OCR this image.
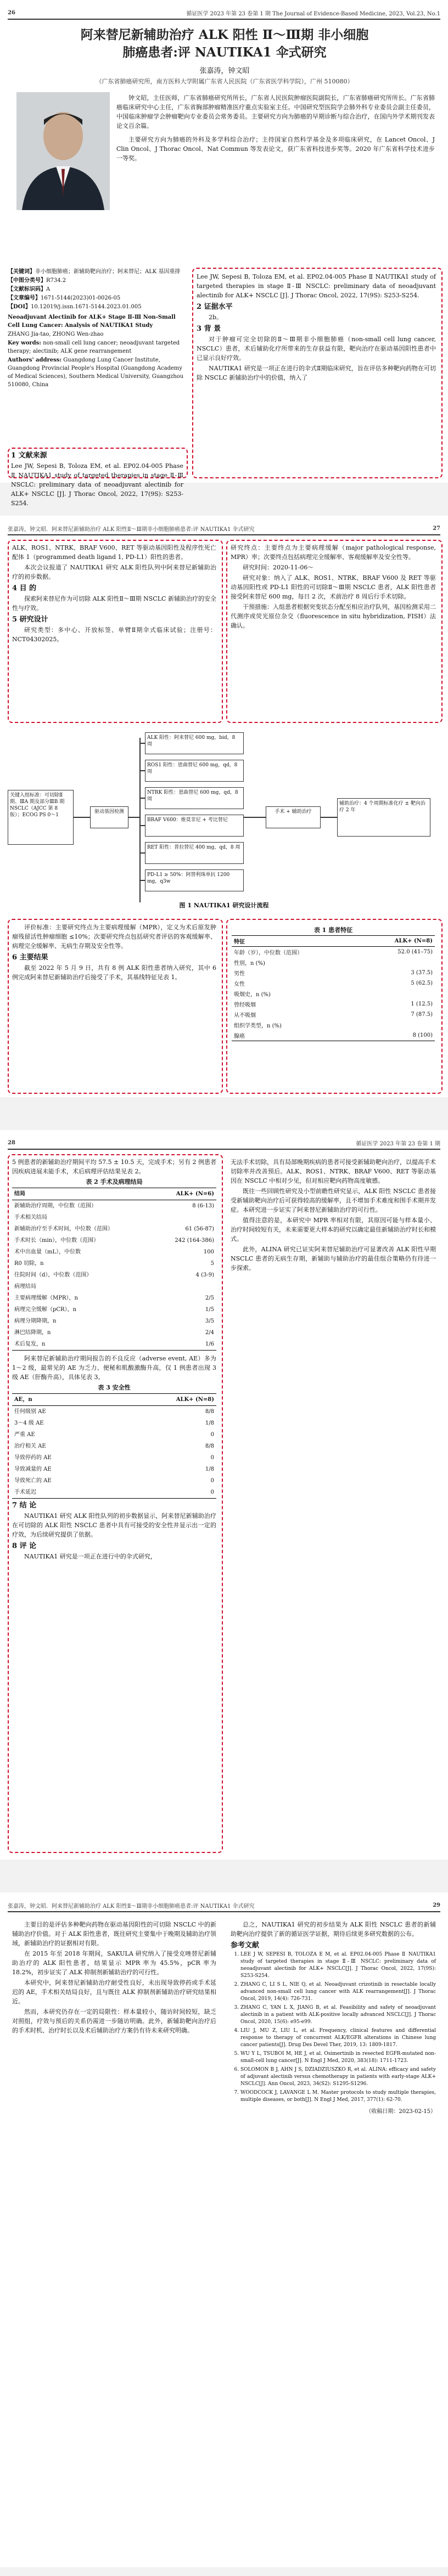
26	循证医学 2023 年第 23 卷第 1 期 The Journal of Evidence-Based Medicine, 2023, Vol.23, No.1
阿来替尼新辅助治疗 ALK 阳性 Ⅱ～Ⅲ期 非小细胞
肺癌患者:评 NAUTIKA1 伞式研究
张嘉涛，钟文昭
（广东省肺癌研究所，南方医科大学附属广东省人民医院（广东省医学科学院），广州 510080）

钟文昭，主任医师，广东省肺癌研究所所长，广东省人民医院肿瘤医院副院长，广东省肺癌研究所所长。广东省肺癌临床研究中心主任，广东省胸部肿瘤精准医疗重点实验室主任。中国研究型医院学会肺外科专业委员会副主任委员，中国临床肿瘤学会肿瘤靶向专业委员会常务委员。主要研究方向为肺癌的早期诊断与综合治疗，在国内外学术期刊发表论文百余篇。

主要研究方向为肺癌的外科及多学科综合治疗；主持国家自然科学基金及多项临床研究，在 Lancet Oncol、J Clin Oncol、J Thorac Oncol、Nat Commun 等发表论文，获广东省科技进步奖等。2020 年广东省科学技术进步一等奖。

【关键词】非小细胞肺癌；新辅助靶向治疗；阿来替尼；ALK 基因重排
【中图分类号】R734.2
【文献标识码】A
【文章编号】1671-5144(2023)01-0026-05
【DOI】10.12019/j.issn.1671-5144.2023.01.005
Neoadjuvant Alectinib for ALK+ Stage Ⅱ-Ⅲ Non-Small Cell Lung Cancer: Analysis of NAUTIKA1 Study
ZHANG Jia-tao, ZHONG Wen-zhao
Key words: non-small cell lung cancer; neoadjuvant targeted therapy; alectinib; ALK gene rearrangement
Authors' address: Guangdong Lung Cancer Institute, Guangdong Provincial People's Hospital (Guangdong Academy of Medical Sciences), Southern Medical University, Guangzhou 510080, China
1 文献来源

Lee JW, Sepesi B, Toloza EM, et al. EP02.04-005 Phase Ⅱ NAUTIKA1 study of targeted therapies in stage Ⅱ-Ⅲ NSCLC: preliminary data of neoadjuvant alectinib for ALK+ NSCLC [J]. J Thorac Oncol, 2022, 17(9S): S253-S254.

Lee JW, Sepesi B, Toloza EM, et al. EP02.04-005 Phase Ⅱ NAUTIKA1 study of targeted therapies in stage Ⅱ-Ⅲ NSCLC: preliminary data of neoadjuvant alectinib for ALK+ NSCLC [J]. J Thorac Oncol, 2022, 17(9S): S253-S254.

2 证据水平

2b。

3 背 景

对于肿瘤可完全切除的Ⅱ～Ⅲ期非小细胞肺癌（non-small cell lung cancer, NSCLC）患者，术后辅助化疗所带来的生存获益有限，靶向治疗在驱动基因阳性患者中已显示良好疗效。

NAUTIKA1 研究是一项正在进行的伞式Ⅱ期临床研究，旨在评估多种靶向药物在可切除 NSCLC 新辅助治疗中的价值，纳入了

张嘉涛，钟文昭．阿来替尼新辅助治疗 ALK 阳性Ⅱ～Ⅲ期非小细胞肺癌患者:评 NAUTIKA1 伞式研究	27

ALK、ROS1、NTRK、BRAF V600、RET 等驱动基因阳性及程序性死亡配体 1（programmed death ligand 1, PD-L1）阳性的患者。

本次会议报道了 NAUTIKA1 研究 ALK 阳性队列中阿来替尼新辅助治疗的初步数据。

4 目 的

探索阿来替尼作为可切除 ALK 阳性Ⅱ～Ⅲ期 NSCLC 新辅助治疗的安全性与疗效。

5 研究设计

研究类型：多中心、开放标签、单臂Ⅱ期伞式临床试验；注册号：NCT04302025。

研究终点：主要终点为主要病理缓解（major pathological response, MPR）率；次要终点包括病理完全缓解率、客观缓解率及安全性等。

研究时间：2020-11-06～

研究对象：纳入了 ALK、ROS1、NTRK、BRAF V600 及 RET 等驱动基因阳性或 PD-L1 阳性的可切除Ⅱ～Ⅲ期 NSCLC 患者，ALK 阳性患者接受阿来替尼 600 mg，每日 2 次，术前治疗 8 周后行手术切除。

干预措施：入组患者根据突变状态分配至相应治疗队列，基因检测采用二代测序或荧光原位杂交（fluorescence in situ hybridization, FISH）法确认。

关键入组标准：可切除Ⅱ期、ⅢA 期及部分ⅢB 期 NSCLC（AJCC 第 8 版）；ECOG PS 0～1
驱动基因检测
ALK 阳性：阿来替尼 600 mg，bid，8 周
ROS1 阳性：恩曲替尼 600 mg，qd，8 周
NTRK 阳性：恩曲替尼 600 mg，qd，8 周
BRAF V600：维莫非尼 + 考比替尼
RET 阳性：普拉替尼 400 mg，qd，8 周
PD-L1 ≥ 50%：阿替利珠单抗 1200 mg，q3w
手术 + 辅助治疗
辅助治疗：4 个周期标准化疗 ± 靶向治疗 2 年
图 1 NAUTIKA1 研究设计流程

评价标准：主要研究终点为主要病理缓解（MPR），定义为术后原发肿瘤残留活性肿瘤细胞 ≤10%；次要研究终点包括研究者评估的客观缓解率、病理完全缓解率、无病生存期及安全性等。

6 主要结果

截至 2022 年 5 月 9 日，共有 8 例 ALK 阳性患者纳入研究，其中 6 例完成阿来替尼新辅助治疗后接受了手术，其基线特征见表 1。

表 1 患者特征
特征	ALK+ (N=8)
年龄（岁），中位数（范围）	52.0 (41–75)
性别，n (%)	
男性	3 (37.5)
女性	5 (62.5)
吸烟史，n (%)	
曾经吸烟	1 (12.5)
从不吸烟	7 (87.5)
组织学类型，n (%)	
腺癌	8 (100)
28	循证医学 2023 年第 23 卷第 1 期

5 例患者的新辅助治疗期间平均 57.5 ± 10.5 天，完成手术；另有 2 例患者因疾病进展未能手术，术后病理评估结果见表 2。

表 2 手术及病理结局
结局	ALK+ (N=6)
新辅助治疗周期，中位数（范围）	8 (6-13)
手术相关结局	
新辅助治疗至手术时间，中位数（范围）	61 (56-87)
手术时长（min），中位数（范围）	242 (164-386)
术中出血量（mL），中位数	100
R0 切除，n	5
住院时间（d），中位数（范围）	4 (3-9)
病理结局	
主要病理缓解（MPR），n	2/5
病理完全缓解（pCR），n	1/5
病理分期降期，n	3/5
淋巴结降期，n	2/4
术后复发，n	1/6

阿来替尼新辅助治疗期间报告的不良反应（adverse event, AE）多为 1～2 级，最常见的 AE 为乏力、便秘和肌酸激酶升高，仅 1 例患者出现 3 级 AE（肝酶升高），具体见表 3。

表 3 安全性
AE，n	ALK+ (N=8)
任何级别 AE	8/8
3～4 级 AE	1/8
严重 AE	0
治疗相关 AE	8/8
导致停药的 AE	0
导致减量的 AE	1/8
导致死亡的 AE	0
手术延迟	0
7 结 论

NAUTIKA1 研究 ALK 阳性队列的初步数据显示，阿来替尼新辅助治疗在可切除的 ALK 阳性 NSCLC 患者中具有可接受的安全性并显示出一定的疗效，为后续研究提供了依据。

8 评 论

NAUTIKA1 研究是一项正在进行中的伞式研究，

无法手术切除，具有局部晚期疾病的患者可接受新辅助靶向治疗，以提高手术切除率并改善预后。ALK、ROS1、NTRK、BRAF V600、RET 等驱动基因在 NSCLC 中相对少见，但对相应靶向药物高度敏感。

既往一些回顾性研究及小型前瞻性研究显示，ALK 阳性 NSCLC 患者接受新辅助靶向治疗后可获得较高的缓解率，且不增加手术难度和围手术期并发症。本研究进一步证实了阿来替尼新辅助治疗的可行性。

值得注意的是，本研究中 MPR 率相对有限，其原因可能与样本量小、治疗时间较短有关，未来需要更大样本的研究以确定最佳新辅助治疗时长和模式。

此外，ALINA 研究已证实阿来替尼辅助治疗可显著改善 ALK 阳性早期 NSCLC 患者的无病生存期，新辅助与辅助治疗的最佳组合策略仍有待进一步探索。

张嘉涛，钟文昭．阿来替尼新辅助治疗 ALK 阳性Ⅱ～Ⅲ期非小细胞肺癌患者:评 NAUTIKA1 伞式研究	29

主要目的是评估多种靶向药物在驱动基因阳性的可切除 NSCLC 中的新辅助治疗价值。对于 ALK 阳性患者，既往研究主要集中于晚期及辅助治疗领域，新辅助治疗的证据相对有限。

在 2015 年至 2018 年期间，SAKULA 研究纳入了接受克唑替尼新辅助治疗的 ALK 阳性患者，结果显示 MPR 率为 45.5%，pCR 率为 18.2%，初步证实了 ALK 抑制剂新辅助治疗的可行性。

本研究中，阿来替尼新辅助治疗耐受性良好，未出现导致停药或手术延迟的 AE，手术相关结局良好，且与既往 ALK 抑制剂新辅助治疗研究结果相近。

然而，本研究仍存在一定的局限性：样本量较小，随访时间较短，缺乏对照组，疗效与预后的关系仍需进一步随访明确。此外，新辅助靶向治疗后的手术时机、治疗时长以及术后辅助治疗方案仍有待未来研究明确。

总之，NAUTIKA1 研究的初步结果为 ALK 阳性 NSCLC 患者的新辅助靶向治疗提供了新的循证医学证据，期待后续更多研究数据的公布。

参考文献
1. LEE J W, SEPESI B, TOLOZA E M, et al. EP02.04-005 Phase Ⅱ NAUTIKA1 study of targeted therapies in stage Ⅱ-Ⅲ NSCLC: preliminary data of neoadjuvant alectinib for ALK+ NSCLC[J]. J Thorac Oncol, 2022, 17(9S): S253-S254.
2. ZHANG C, LI S L, NIE Q, et al. Neoadjuvant crizotinib in resectable locally advanced non-small cell lung cancer with ALK rearrangement[J]. J Thorac Oncol, 2019, 14(4): 726-731.
3. ZHANG C, YAN L X, JIANG B, et al. Feasibility and safety of neoadjuvant alectinib in a patient with ALK-positive locally advanced NSCLC[J]. J Thorac Oncol, 2020, 15(6): e95-e99.
4. LIU J, MU Z, LIU L, et al. Frequency, clinical features and differential response to therapy of concurrent ALK/EGFR alterations in Chinese lung cancer patients[J]. Drug Des Devel Ther, 2019, 13: 1809-1817.
5. WU Y L, TSUBOI M, HE J, et al. Osimertinib in resected EGFR-mutated non-small-cell lung cancer[J]. N Engl J Med, 2020, 383(18): 1711-1723.
6. SOLOMON B J, AHN J S, DZIADZIUSZKO R, et al. ALINA: efficacy and safety of adjuvant alectinib versus chemotherapy in patients with early-stage ALK+ NSCLC[J]. Ann Oncol, 2023, 34(S2): S1295-S1296.
7. WOODCOCK J, LAVANGE L M. Master protocols to study multiple therapies, multiple diseases, or both[J]. N Engl J Med, 2017, 377(1): 62-70.
（收稿日期：2023-02-15）
